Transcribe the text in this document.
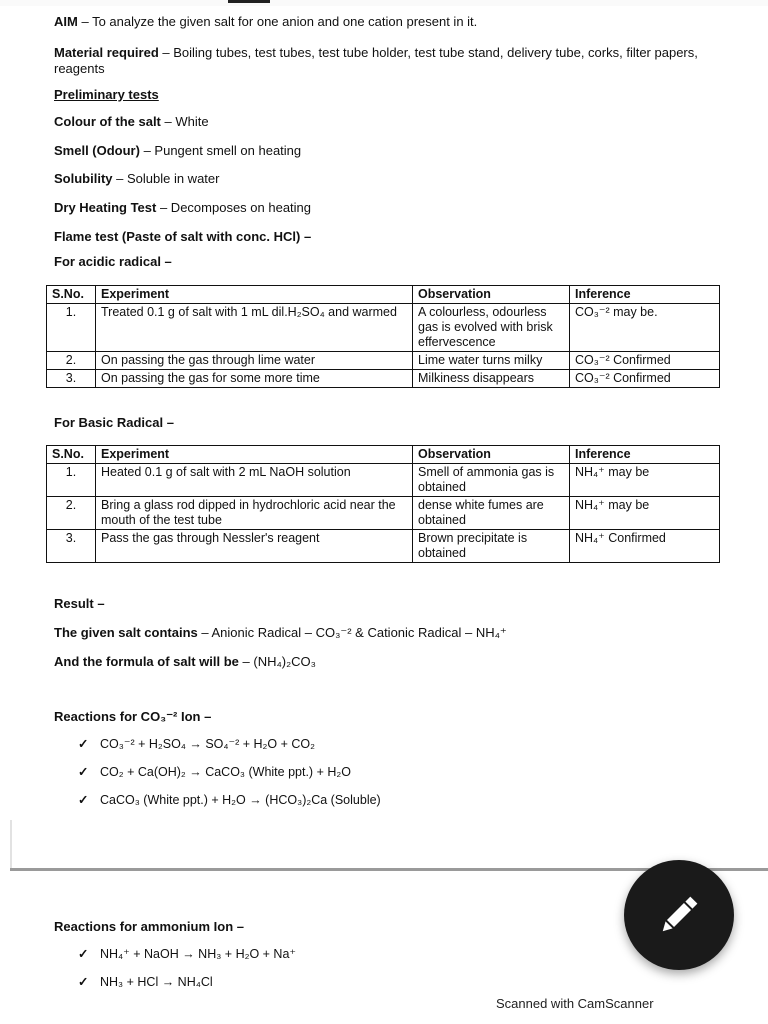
AIM – To analyze the given salt for one anion and one cation present in it.
Material required – Boiling tubes, test tubes, test tube holder, test tube stand, delivery tube, corks, filter papers, reagents
Preliminary tests
Colour of the salt – White
Smell (Odour) – Pungent smell on heating
Solubility – Soluble in water
Dry Heating Test – Decomposes on heating
Flame test (Paste of salt with conc. HCl) –
For acidic radical –
S.No.	Experiment	Observation	Inference
1.	Treated 0.1 g of salt with 1 mL dil.H₂SO₄ and warmed	A colourless, odourless gas is evolved with brisk effervescence	CO₃⁻² may be.
2.	On passing the gas through lime water	Lime water turns milky	CO₃⁻² Confirmed
3.	On passing the gas for some more time	Milkiness disappears	CO₃⁻² Confirmed
For Basic Radical –
S.No.	Experiment	Observation	Inference
1.	Heated 0.1 g of salt with 2 mL NaOH solution	Smell of ammonia gas is obtained	NH₄⁺ may be
2.	Bring a glass rod dipped in hydrochloric acid near the mouth of the test tube	dense white fumes are obtained	NH₄⁺ may be
3.	Pass the gas through Nessler's reagent	Brown precipitate is obtained	NH₄⁺ Confirmed
Result –
The given salt contains – Anionic Radical – CO₃⁻² & Cationic Radical – NH₄⁺
And the formula of salt will be – (NH₄)₂CO₃
Reactions for CO₃⁻² Ion –
✓ CO₃⁻² + H₂SO₄ → SO₄⁻² + H₂O + CO₂
✓ CO₂ + Ca(OH)₂ → CaCO₃ (White ppt.) + H₂O
✓ CaCO₃ (White ppt.) + H₂O → (HCO₃)₂Ca (Soluble)
Reactions for ammonium Ion –
✓ NH₄⁺ + NaOH → NH₃ + H₂O + Na⁺
✓ NH₃ + HCl → NH₄Cl
Scanned with CamScanner
